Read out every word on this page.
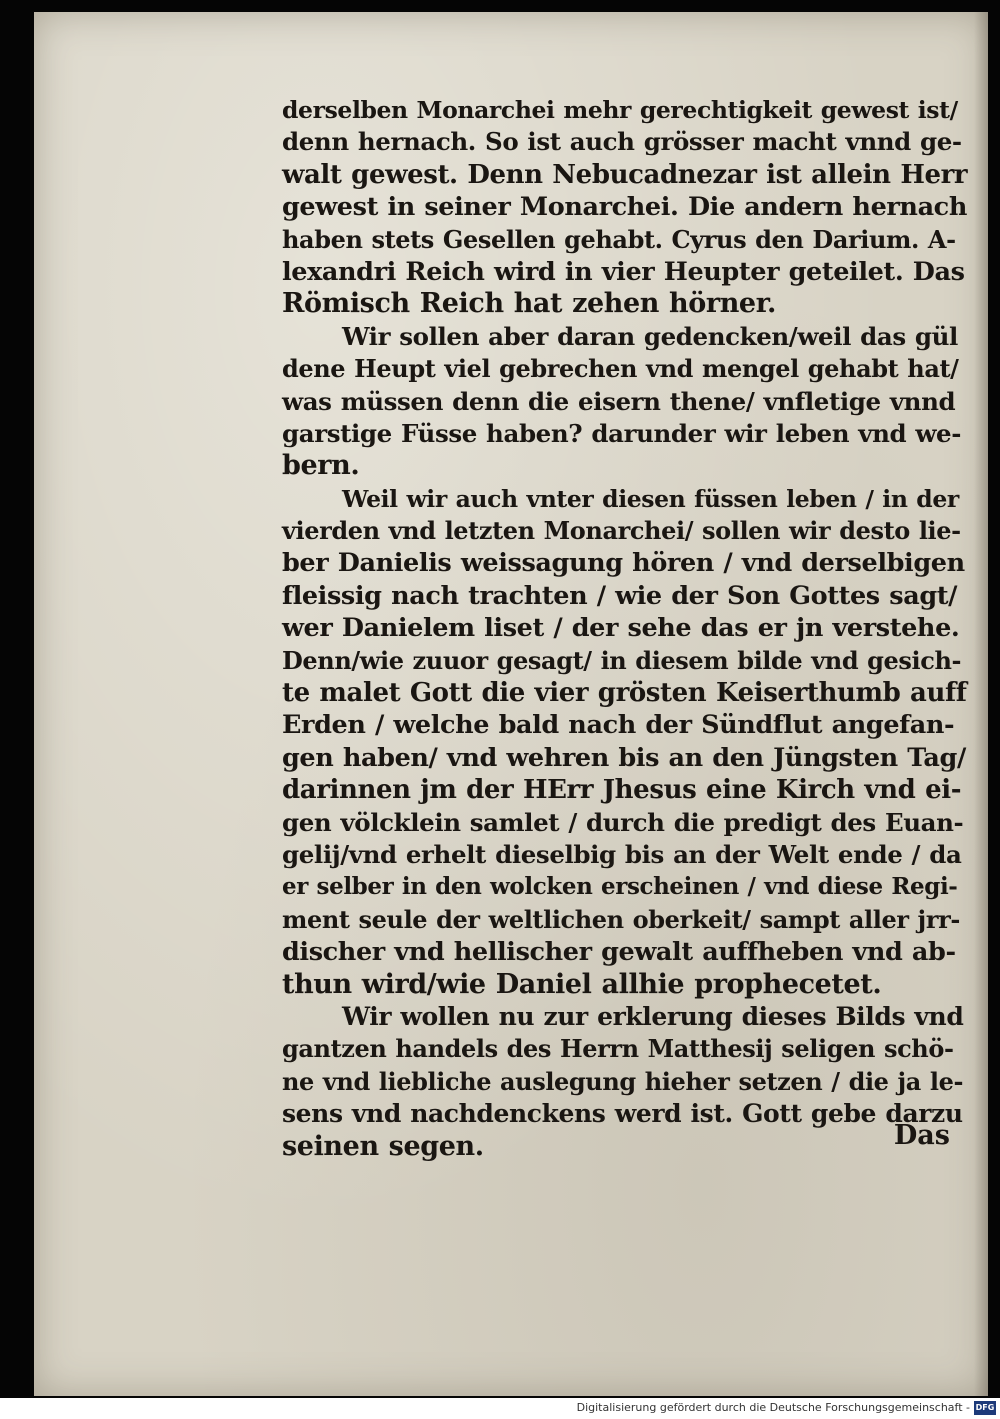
derselben Monarchei mehr gerechtigkeit gewest ist/
denn hernach. So ist auch grösser macht vnnd ge-
walt gewest. Denn Nebucadnezar ist allein Herr
gewest in seiner Monarchei. Die andern hernach
haben stets Gesellen gehabt. Cyrus den Darium. A-
lexandri Reich wird in vier Heupter geteilet. Das
Römisch Reich hat zehen hörner.
Wir sollen aber daran gedencken/weil das gül
dene Heupt viel gebrechen vnd mengel gehabt hat/
was müssen denn die eisern thene/ vnfletige vnnd
garstige Füsse haben? darunder wir leben vnd we-
bern.
Weil wir auch vnter diesen füssen leben / in der
vierden vnd letzten Monarchei/ sollen wir desto lie-
ber Danielis weissagung hören / vnd derselbigen
fleissig nach trachten / wie der Son Gottes sagt/
wer Danielem liset / der sehe das er jn verstehe.
Denn/wie zuuor gesagt/ in diesem bilde vnd gesich-
te malet Gott die vier grösten Keiserthumb auff
Erden / welche bald nach der Sündflut angefan-
gen haben/ vnd wehren bis an den Jüngsten Tag/
darinnen jm der HErr Jhesus eine Kirch vnd ei-
gen völcklein samlet / durch die predigt des Euan-
gelij/vnd erhelt dieselbig bis an der Welt ende / da
er selber in den wolcken erscheinen / vnd diese Regi-
ment seule der weltlichen oberkeit/ sampt aller jrr-
discher vnd hellischer gewalt auffheben vnd ab-
thun wird/wie Daniel allhie prophecetet.
Wir wollen nu zur erklerung dieses Bilds vnd
gantzen handels des Herrn Matthesij seligen schö-
ne vnd liebliche auslegung hieher setzen / die ja le-
sens vnd nachdenckens werd ist. Gott gebe darzu
seinen segen.	Das
Digitalisierung gefördert durch die Deutsche Forschungsgemeinschaft - DFG
